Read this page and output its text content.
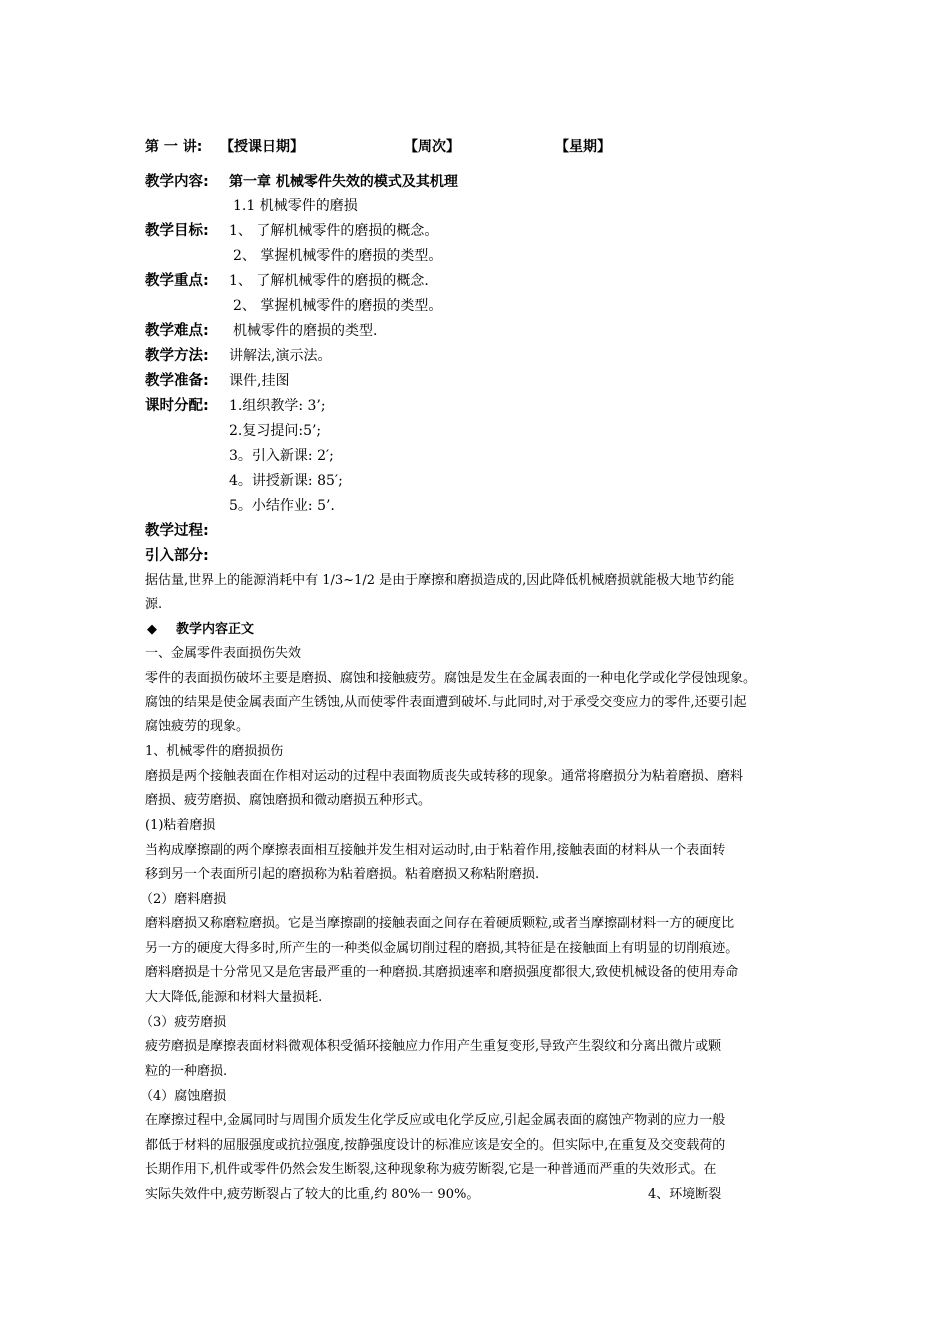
第 一 讲: 【授课日期】	【周次】	【星期】
教学内容: 第一章 机械零件失效的模式及其机理
1.1 机械零件的磨损
教学目标: 1、 了解机械零件的磨损的概念。
2、 掌握机械零件的磨损的类型。
教学重点: 1、 了解机械零件的磨损的概念.
2、 掌握机械零件的磨损的类型。
教学难点: 机械零件的磨损的类型.
教学方法: 讲解法,演示法。
教学准备: 课件,挂图
课时分配: 1.组织教学: 3’;
2.复习提问:5’;
3。引入新课: 2′;
4。讲授新课: 85′;
5。小结作业: 5’.
教学过程:
引入部分:
据估量,世界上的能源消耗中有 1/3~1/2 是由于摩擦和磨损造成的,因此降低机械磨损就能极大地节约能
源.
◆ 教学内容正文
一、金属零件表面损伤失效
零件的表面损伤破坏主要是磨损、腐蚀和接触疲劳。腐蚀是发生在金属表面的一种电化学或化学侵蚀现象。
腐蚀的结果是使金属表面产生锈蚀,从而使零件表面遭到破坏.与此同时,对于承受交变应力的零件,还要引起
腐蚀疲劳的现象。
1、机械零件的磨损损伤
磨损是两个接触表面在作相对运动的过程中表面物质丧失或转移的现象。通常将磨损分为粘着磨损、磨料
磨损、疲劳磨损、腐蚀磨损和微动磨损五种形式。
(1)粘着磨损
当构成摩擦副的两个摩擦表面相互接触并发生相对运动时,由于粘着作用,接触表面的材料从一个表面转
移到另一个表面所引起的磨损称为粘着磨损。粘着磨损又称粘附磨损.
（2）磨料磨损
磨料磨损又称磨粒磨损。它是当摩擦副的接触表面之间存在着硬质颗粒,或者当摩擦副材料一方的硬度比
另一方的硬度大得多时,所产生的一种类似金属切削过程的磨损,其特征是在接触面上有明显的切削痕迹。
磨料磨损是十分常见又是危害最严重的一种磨损.其磨损速率和磨损强度都很大,致使机械设备的使用寿命
大大降低,能源和材料大量损耗.
（3）疲劳磨损
疲劳磨损是摩擦表面材料微观体积受循环接触应力作用产生重复变形,导致产生裂纹和分离出微片或颗
粒的一种磨损.
（4）腐蚀磨损
在摩擦过程中,金属同时与周围介质发生化学反应或电化学反应,引起金属表面的腐蚀产物剥的应力一般
都低于材料的屈服强度或抗拉强度,按静强度设计的标准应该是安全的。但实际中,在重复及交变载荷的
长期作用下,机件或零件仍然会发生断裂,这种现象称为疲劳断裂,它是一种普通而严重的失效形式。在
实际失效件中,疲劳断裂占了较大的比重,约 80%一 90%。	4、环境断裂
